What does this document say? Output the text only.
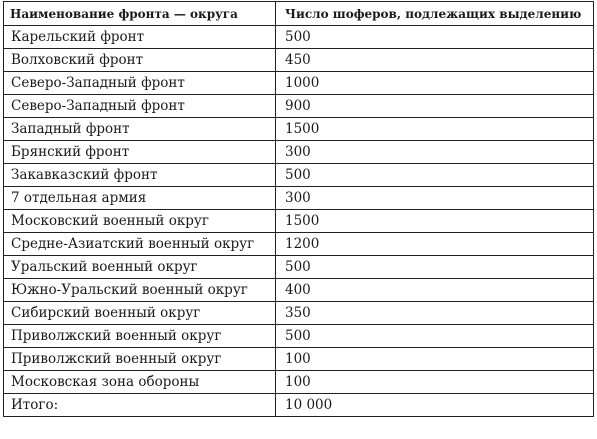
Наименование фронта — округа	Число шоферов, подлежащих выделению
Карельский фронт	500
Волховский фронт	450
Северо-Западный фронт	1000
Северо-Западный фронт	900
Западный фронт	1500
Брянский фронт	300
Закавказский фронт	500
7 отдельная армия	300
Московский военный округ	1500
Средне-Азиатский военный округ	1200
Уральский военный округ	500
Южно-Уральский военный округ	400
Сибирский военный округ	350
Приволжский военный округ	500
Приволжский военный округ	100
Московская зона обороны	100
Итого:	10 000
